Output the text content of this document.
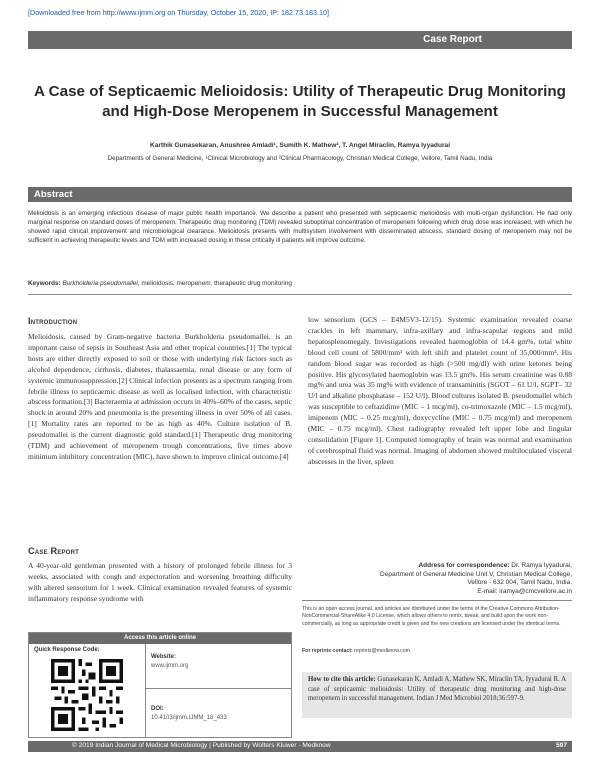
[Downloaded free from http://www.ijmm.org on Thursday, October 15, 2020, IP: 182.73.183.10]
Case Report
A Case of Septicaemic Melioidosis: Utility of Therapeutic Drug Monitoring and High-Dose Meropenem in Successful Management
Karthik Gunasekaran, Anushree Amladi¹, Sumith K. Mathew², T. Angel Miraclin, Ramya Iyyadurai
Departments of General Medicine, ¹Clinical Microbiology and ²Clinical Pharmacology, Christian Medical College, Vellore, Tamil Nadu, India
Abstract
Melioidosis is an emerging infectious disease of major public health importance. We describe a patient who presented with septicaemic melioidosis with multi-organ dysfunction. He had only marginal response on standard doses of meropenem. Therapeutic drug monitoring (TDM) revealed suboptimal concentration of meropenem following which drug dose was increased, with which he showed rapid clinical improvement and microbiological clearance. Melioidosis presents with multisystem involvement with disseminated abscess, standard dosing of meropenem may not be sufficient in achieving therapeutic levels and TDM with increased dosing in these critically ill patients will improve outcome.
Keywords: Burkholderia pseudomallei, melioidosis, meropenem, therapeutic drug monitoring
Introduction

Melioidosis, caused by Gram-negative bacteria Burkholderia pseudomallei, is an important cause of sepsis in Southeast Asia and other tropical countries.[1] The typical hosts are either directly exposed to soil or those with underlying risk factors such as alcohol dependence, cirrhosis, diabetes, thalassaemia, renal disease or any form of systemic immunosuppression.[2] Clinical infection presents as a spectrum ranging from febrile illness to septicaemic disease as well as localised infection, with characteristic abscess formation.[3] Bacteraemia at admission occurs in 40%–60% of the cases, septic shock in around 20% and pneumonia is the presenting illness in over 50% of all cases.[1] Mortality rates are reported to be as high as 40%. Culture isolation of B. pseudomallei is the current diagnostic gold standard.[1] Therapeutic drug monitoring (TDM) and achievement of meropenem trough concentrations, five times above minimum inhibitory concentration (MIC), have shown to improve clinical outcome.[4]

Case Report

A 40-year-old gentleman presented with a history of prolonged febrile illness for 3 weeks, associated with cough and expectoration and worsening breathing difficulty with altered sensorium for 1 week. Clinical examination revealed features of systemic inflammatory response syndrome with

low sensorium (GCS – E4M5V3-12/15). Systemic examination revealed coarse crackles in left mammary, infra-axillary and infra-scapular regions and mild hepatosplenomegaly. Investigations revealed haemoglobin of 14.4 gm%, total white blood cell count of 5800/mm³ with left shift and platelet count of 35,000/mm³. His random blood sugar was recorded as high (>500 mg/dl) with urine ketones being positive. His glycosylated haemoglobin was 13.5 gm%. His serum creatinine was 0.88 mg% and urea was 35 mg% with evidence of transaminitis (SGOT – 61 U/l, SGPT– 32 U/l and alkaline phosphatase – 152 U/l). Blood cultures isolated B. pseudomallei which was susceptible to ceftazidime (MIC – 1 mcg/ml), co-trimoxazole (MIC – 1.5 mcg/ml), imipenem (MIC – 0.25 mcg/ml), doxycycline (MIC – 0.75 mcg/ml) and meropenem (MIC – 0.75 mcg/ml). Chest radiography revealed left upper lobe and lingular consolidation [Figure 1]. Computed tomography of brain was normal and examination of cerebrospinal fluid was normal. Imaging of abdomen showed multiloculated visceral abscesses in the liver, spleen

Access this article online
Quick Response Code:
Website:
www.ijmm.org
DOI:
10.4103/ijmm.IJMM_18_433
Address for correspondence: Dr. Ramya Iyyadurai,
Department of General Medicine Unit V, Christian Medical College,
Vellore - 632 004, Tamil Nadu, India.
E-mail: iramya@cmcvellore.ac.in
This is an open access journal, and articles are distributed under the terms of the Creative Commons Attribution-NonCommercial-ShareAlike 4.0 License, which allows others to remix, tweak, and build upon the work non-commercially, as long as appropriate credit is given and the new creations are licensed under the identical terms.
For reprints contact: reprints@medknow.com
How to cite this article: Gunasekaran K, Amladi A, Mathew SK, Miraclin TA, Iyyadurai R. A case of septicaemic melioidosis: Utility of therapeutic drug monitoring and high-dose meropenem in successful management. Indian J Med Microbiol 2018;36:597-9.
© 2019 Indian Journal of Medical Microbiology | Published by Wolters Kluwer - Medknow	597
